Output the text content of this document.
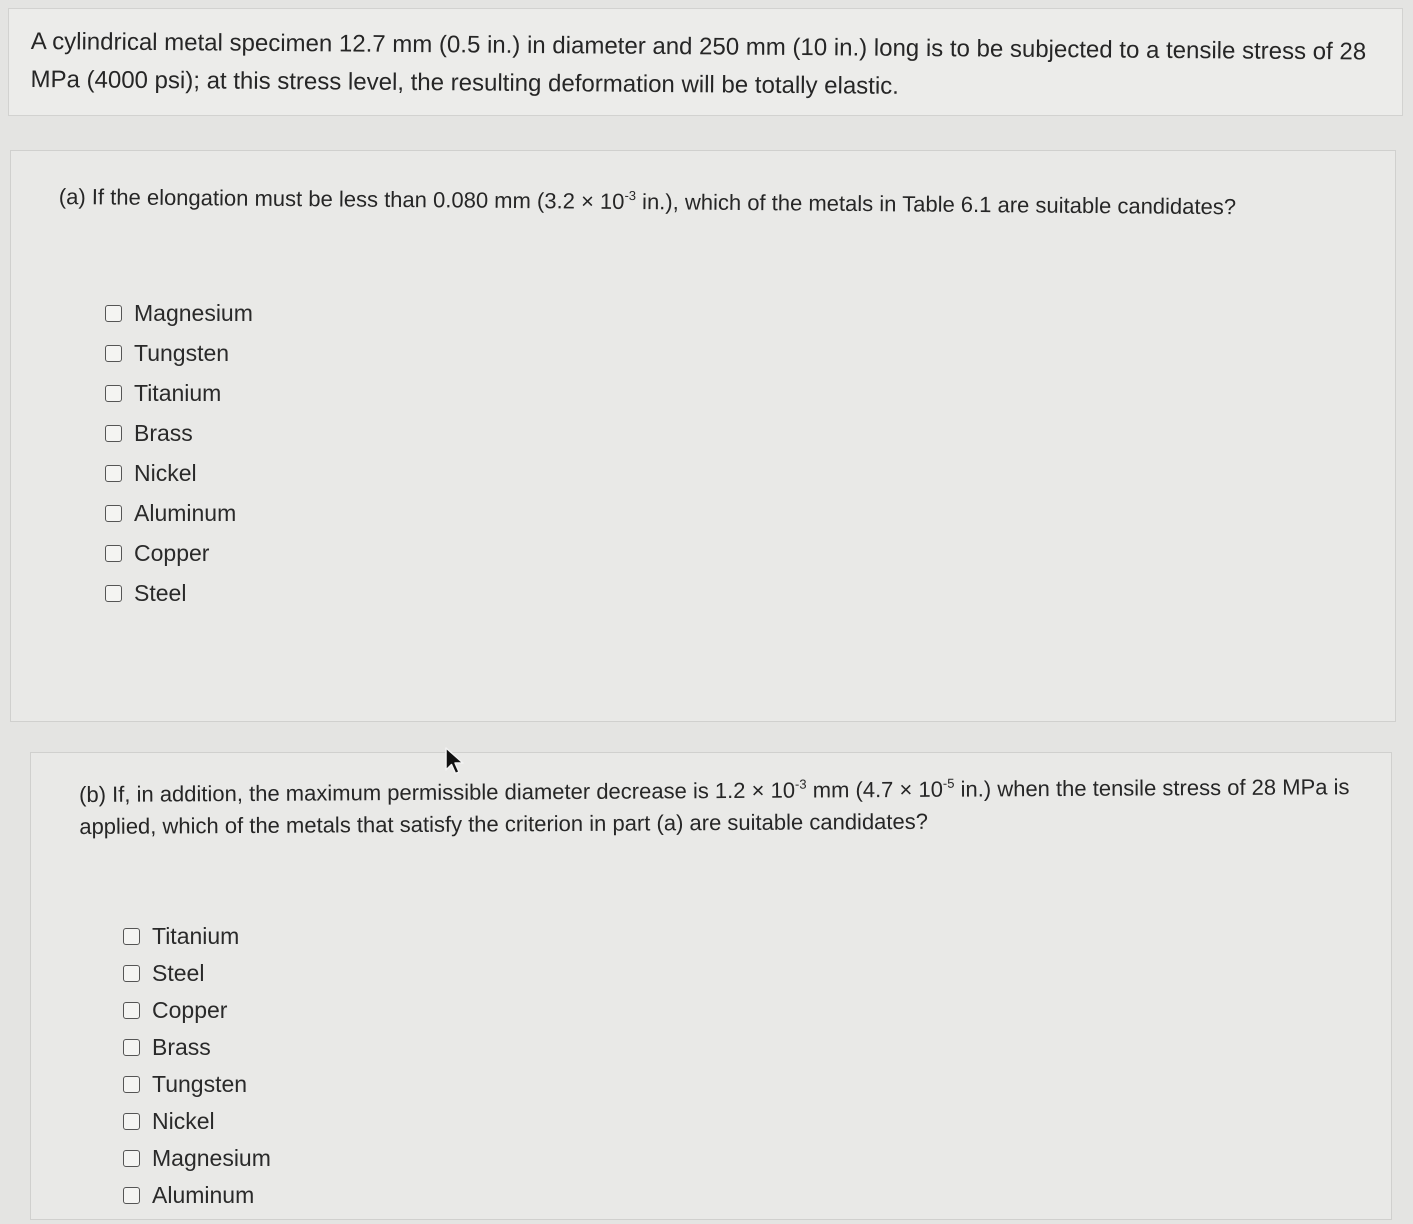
A cylindrical metal specimen 12.7 mm (0.5 in.) in diameter and 250 mm (10 in.) long is to be subjected to a tensile stress of 28 MPa (4000 psi); at this stress level, the resulting deformation will be totally elastic.
(a) If the elongation must be less than 0.080 mm ($3.2 \times 10^{-3}$ in.), which of the metals in Table 6.1 are suitable candidates?
Magnesium
Tungsten
Titanium
Brass
Nickel
Aluminum
Copper
Steel
(b) If, in addition, the maximum permissible diameter decrease is $1.2 \times 10^{-3}$ mm ($4.7 \times 10^{-5}$ in.) when the tensile stress of 28 MPa is applied, which of the metals that satisfy the criterion in part (a) are suitable candidates?
Titanium
Steel
Copper
Brass
Tungsten
Nickel
Magnesium
Aluminum
